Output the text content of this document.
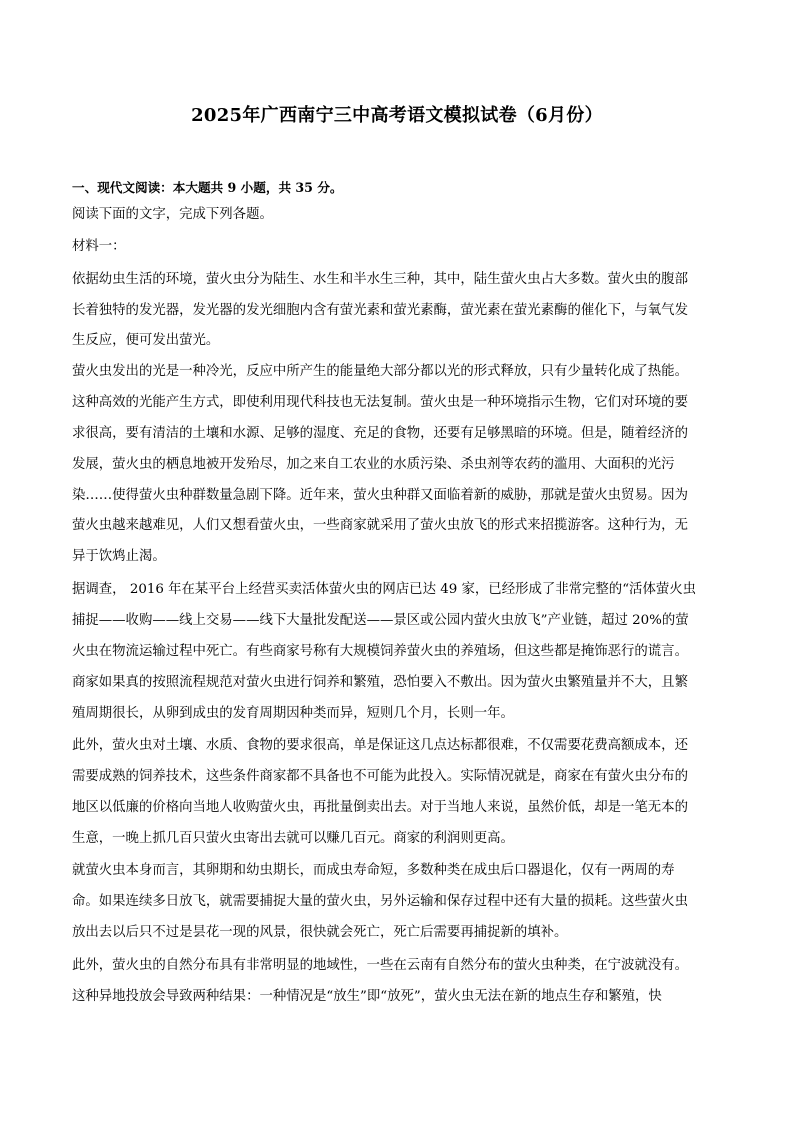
2025年广西南宁三中高考语文模拟试卷（6月份）
一、现代文阅读：本大题共 9 小题，共 35 分。
阅读下面的文字，完成下列各题。
材料一：
依据幼虫生活的环境，萤火虫分为陆生、水生和半水生三种，其中，陆生萤火虫占大多数。萤火虫的腹部
长着独特的发光器，发光器的发光细胞内含有萤光素和萤光素酶，萤光素在萤光素酶的催化下，与氧气发
生反应，便可发出萤光。
萤火虫发出的光是一种冷光，反应中所产生的能量绝大部分都以光的形式释放，只有少量转化成了热能。
这种高效的光能产生方式，即使利用现代科技也无法复制。萤火虫是一种环境指示生物，它们对环境的要
求很高，要有清洁的土壤和水源、足够的湿度、充足的食物，还要有足够黑暗的环境。但是，随着经济的
发展，萤火虫的栖息地被开发殆尽，加之来自工农业的水质污染、杀虫剂等农药的滥用、大面积的光污
染……使得萤火虫种群数量急剧下降。近年来，萤火虫种群又面临着新的威胁，那就是萤火虫贸易。因为
萤火虫越来越难见，人们又想看萤火虫，一些商家就采用了萤火虫放飞的形式来招揽游客。这种行为，无
异于饮鸩止渴。
据调查， 2016 年在某平台上经营买卖活体萤火虫的网店已达 49 家，已经形成了非常完整的“活体萤火虫
捕捉——收购——线上交易——线下大量批发配送——景区或公园内萤火虫放飞”产业链，超过 20%的萤
火虫在物流运输过程中死亡。有些商家号称有大规模饲养萤火虫的养殖场，但这些都是掩饰恶行的谎言。
商家如果真的按照流程规范对萤火虫进行饲养和繁殖，恐怕要入不敷出。因为萤火虫繁殖量并不大，且繁
殖周期很长，从卵到成虫的发育周期因种类而异，短则几个月，长则一年。
此外，萤火虫对土壤、水质、食物的要求很高，单是保证这几点达标都很难，不仅需要花费高额成本，还
需要成熟的饲养技术，这些条件商家都不具备也不可能为此投入。实际情况就是，商家在有萤火虫分布的
地区以低廉的价格向当地人收购萤火虫，再批量倒卖出去。对于当地人来说，虽然价低，却是一笔无本的
生意，一晚上抓几百只萤火虫寄出去就可以赚几百元。商家的利润则更高。
就萤火虫本身而言，其卵期和幼虫期长，而成虫寿命短，多数种类在成虫后口器退化，仅有一两周的寿
命。如果连续多日放飞，就需要捕捉大量的萤火虫，另外运输和保存过程中还有大量的损耗。这些萤火虫
放出去以后只不过是昙花一现的风景，很快就会死亡，死亡后需要再捕捉新的填补。
此外，萤火虫的自然分布具有非常明显的地域性，一些在云南有自然分布的萤火虫种类，在宁波就没有。
这种异地投放会导致两种结果：一种情况是“放生”即“放死”，萤火虫无法在新的地点生存和繁殖，快
